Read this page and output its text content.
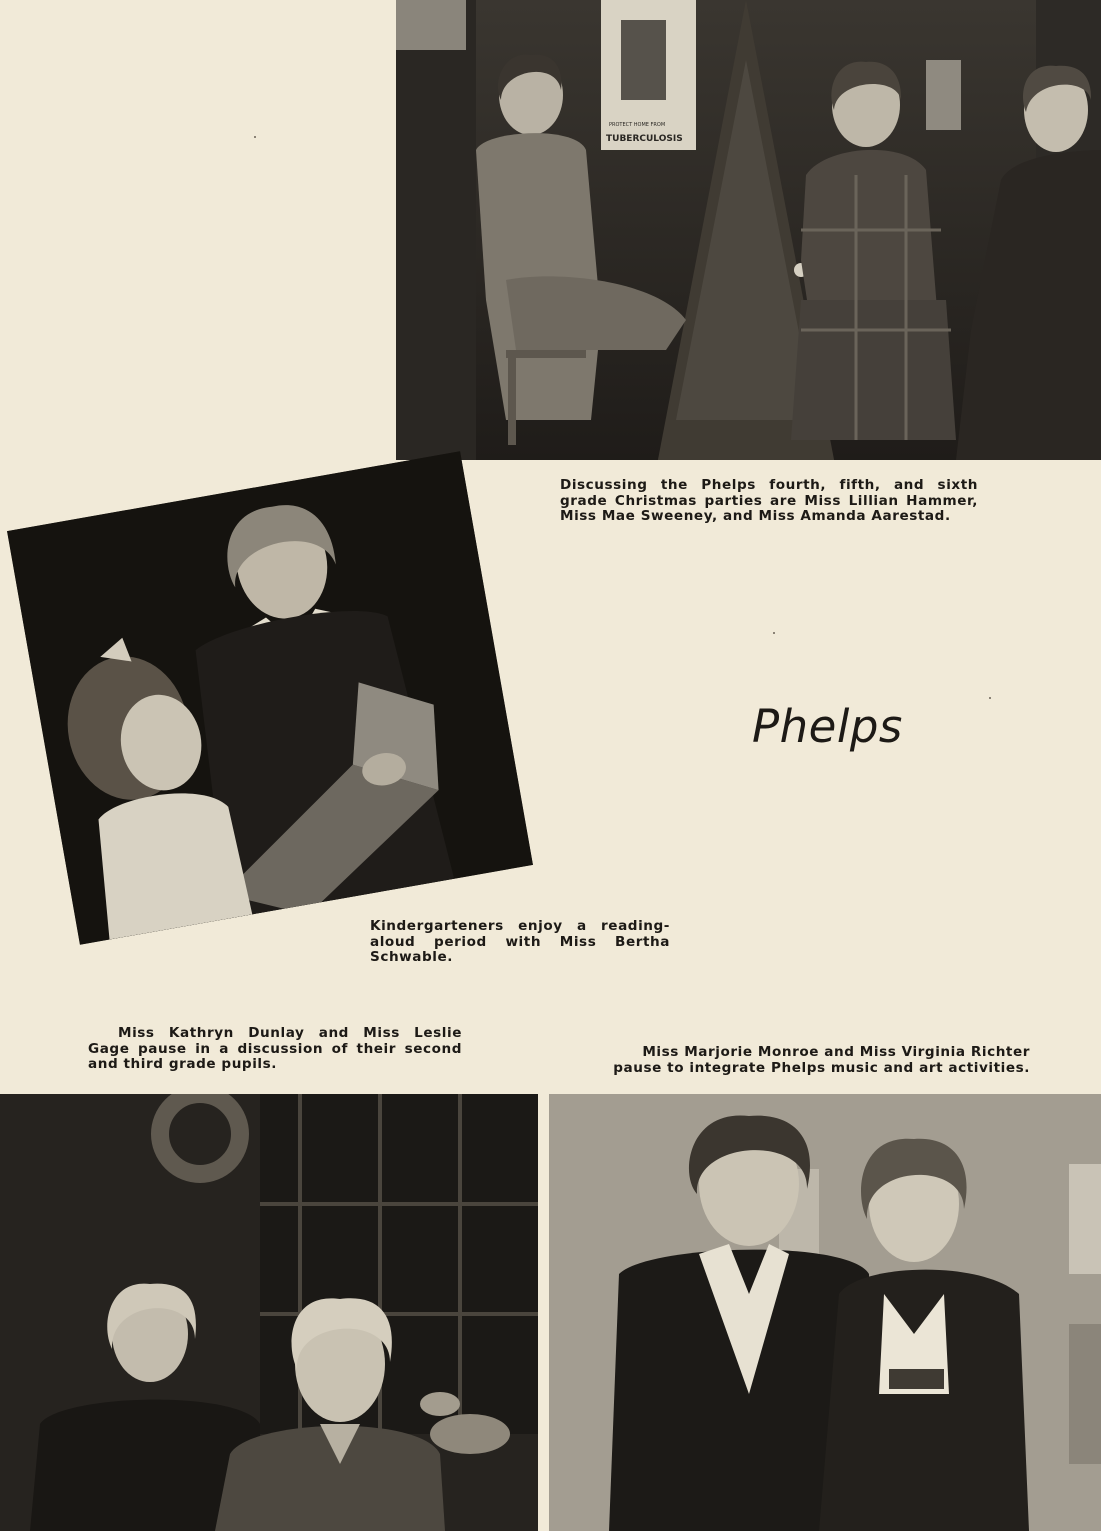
PROTECT HOME FROM
TUBERCULOSIS
Discussing the Phelps fourth, fifth, and sixth grade Christmas parties are Miss Lillian Hammer, Miss Mae Sweeney, and Miss Amanda Aarestad.
Kindergarteners enjoy a reading-aloud period with Miss Bertha Schwable.
Phelps
Miss Kathryn Dunlay and Miss Leslie Gage pause in a discussion of their second and third grade pupils.
Miss Marjorie Monroe and Miss Virginia Richter pause to integrate Phelps music and art activities.
